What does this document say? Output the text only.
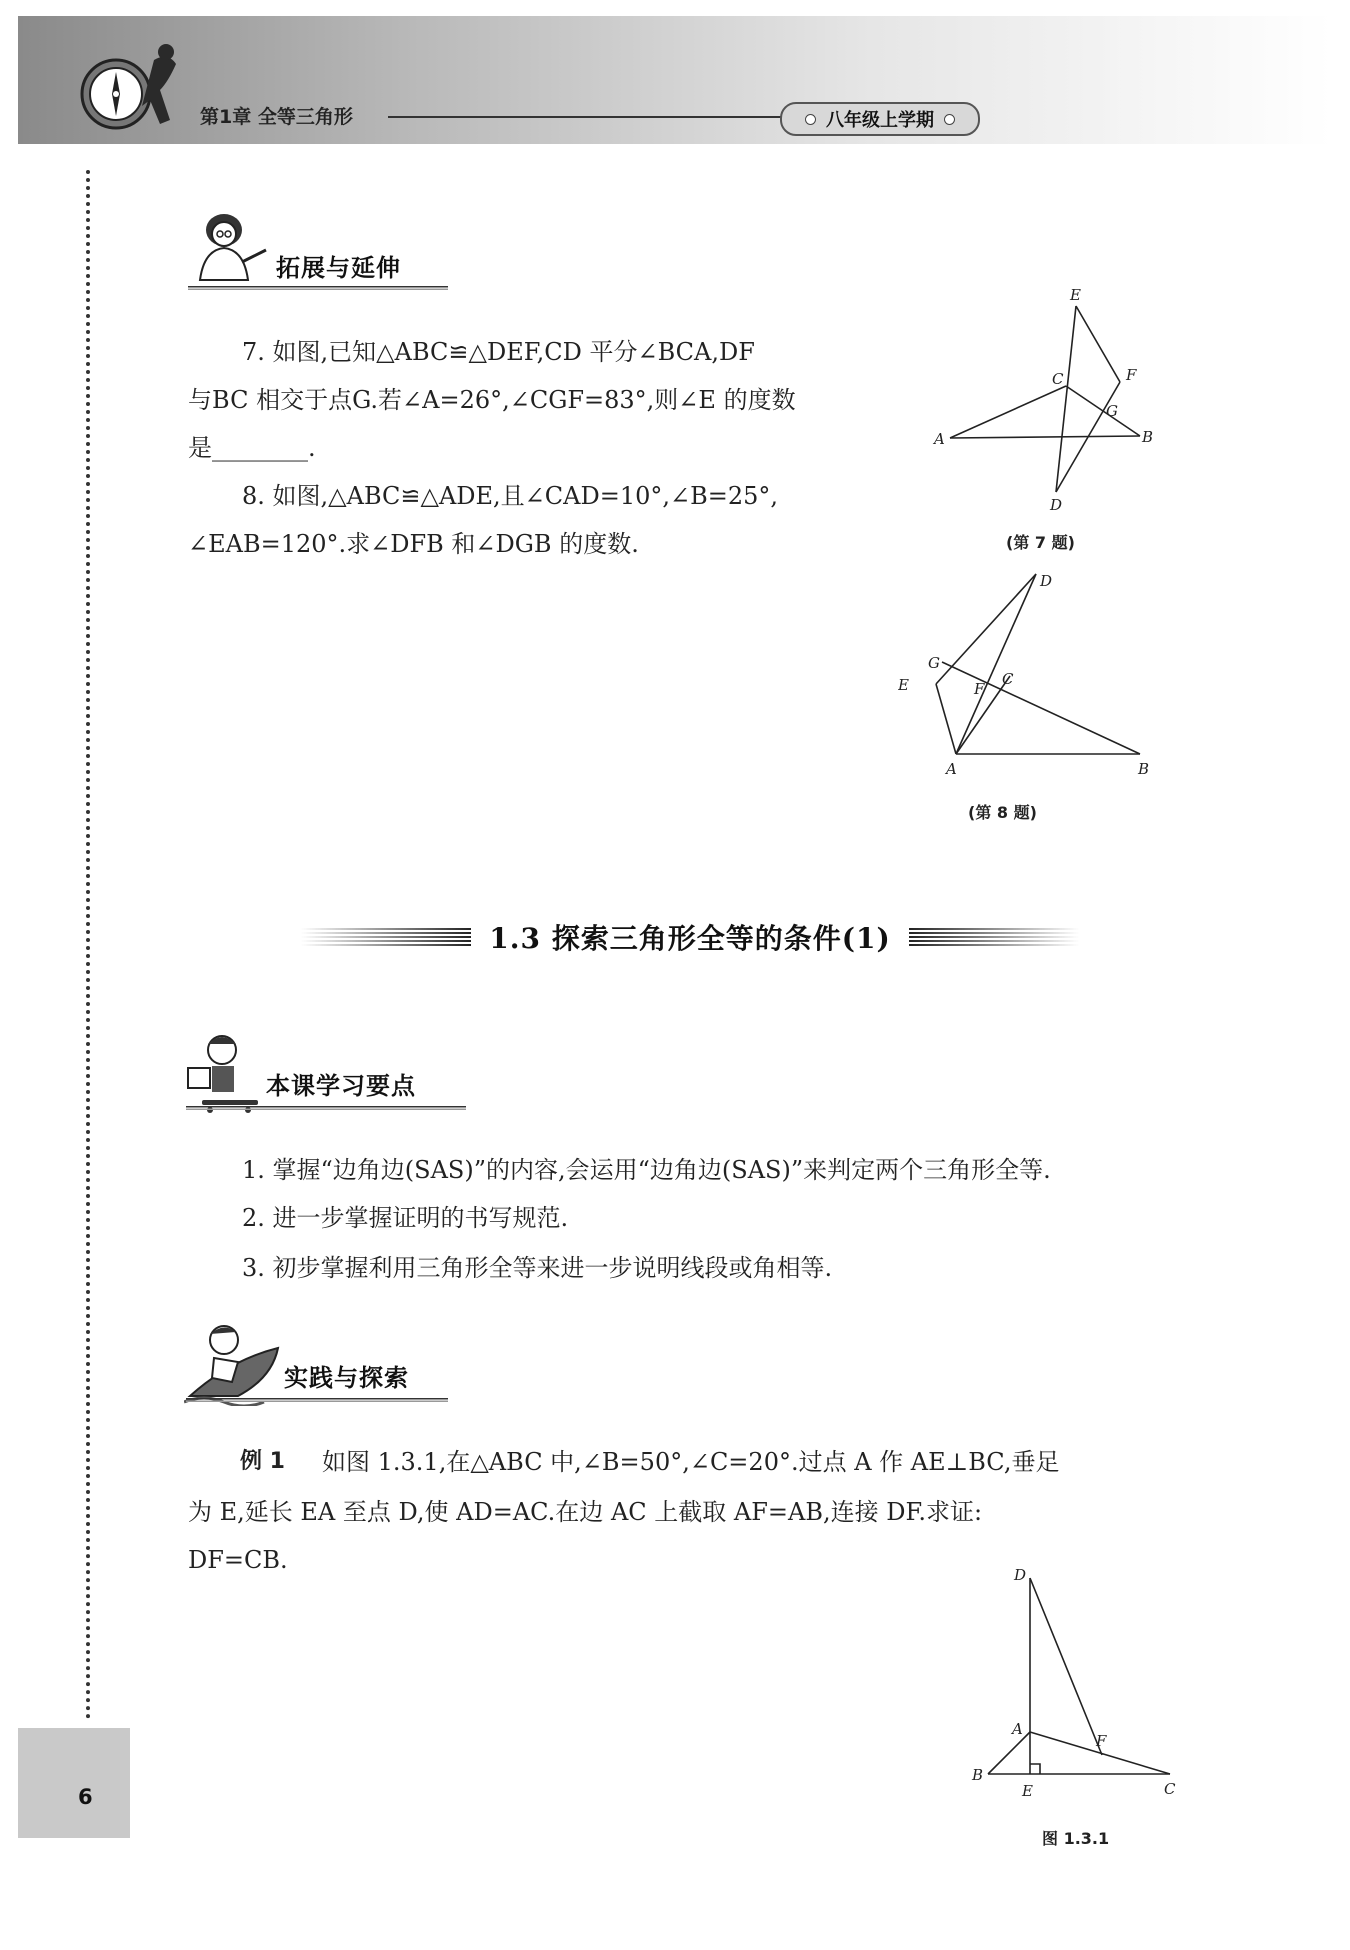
第1章 全等三角形	八年级上学期
6
拓展与延伸
7. 如图,已知△ABC≌△DEF,CD 平分∠BCA,DF
与BC 相交于点G.若∠A=26°,∠CGF=83°,则∠E 的度数
是________.
8. 如图,△ABC≌△ADE,且∠CAD=10°,∠B=25°,
∠EAB=120°.求∠DFB 和∠DGB 的度数.
E
F
C
G
A	B
D
(第 7 题)
D
G
E	F
C
A	B
(第 8 题)
1.3 探索三角形全等的条件(1)
本课学习要点
1. 掌握“边角边(SAS)”的内容,会运用“边角边(SAS)”来判定两个三角形全等.
2. 进一步掌握证明的书写规范.
3. 初步掌握利用三角形全等来进一步说明线段或角相等.
实践与探索
例 1 如图 1.3.1,在△ABC 中,∠B=50°,∠C=20°.过点 A 作 AE⊥BC,垂足
为 E,延长 EA 至点 D,使 AD=AC.在边 AC 上截取 AF=AB,连接 DF.求证:
DF=CB.
D
A
F
B
E	C
图 1.3.1
